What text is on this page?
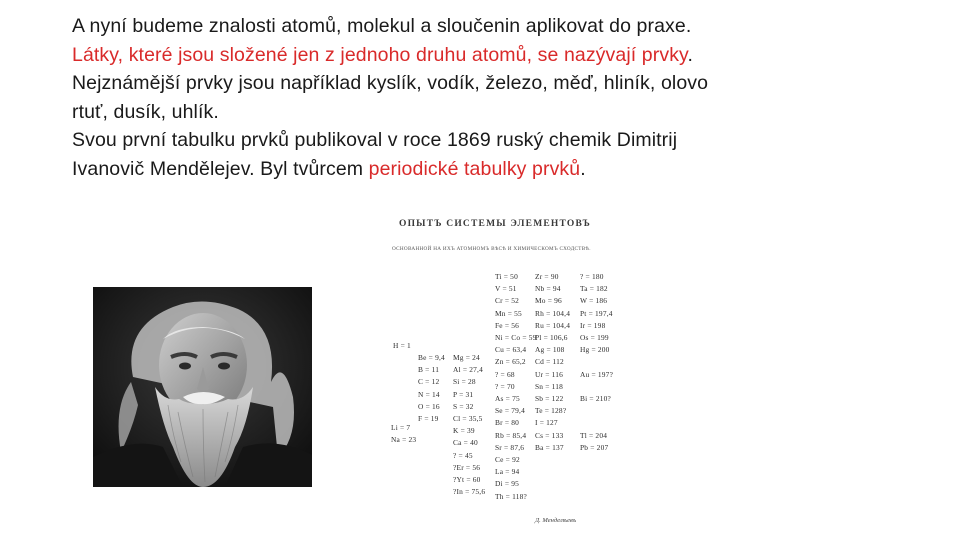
A nyní budeme znalosti atomů, molekul a sloučenin aplikovat do praxe.
Látky, které jsou složené jen z jednoho druhu atomů, se nazývají prvky.
Nejznámější prvky jsou například kyslík, vodík, železo, měď, hliník, olovo
rtuť, dusík, uhlík.
Svou první tabulku prvků publikoval v roce 1869 ruský chemik Dimitrij
Ivanovič Mendělejev. Byl tvůrcem periodické tabulky prvků.
ОПЫТЪ СИСТЕМЫ ЭЛЕМЕНТОВЪ
ОСНОВАННОЙ НА ИХЪ АТОМНОМЪ ВѢСѢ И ХИМИЧЕСКОМЪ СХОДСТВѢ.
H = 1
Li = 7
Na = 23
Be = 9,4
B = 11
C = 12
N = 14
O = 16
F = 19
Mg = 24
Al = 27,4
Si = 28
P = 31
S = 32
Cl = 35,5
K = 39
Ca = 40
? = 45
?Er = 56
?Yt = 60
?In = 75,6
Ti = 50
V = 51
Cr = 52
Mn = 55
Fe = 56
Ni = Co = 59
Cu = 63,4
Zn = 65,2
? = 68
? = 70
As = 75
Se = 79,4
Br = 80
Rb = 85,4
Sr = 87,6
Ce = 92
La = 94
Di = 95
Th = 118?
Zr = 90
Nb = 94
Mo = 96
Rh = 104,4
Ru = 104,4
Pl = 106,6
Ag = 108
Cd = 112
Ur = 116
Sn = 118
Sb = 122
Te = 128?
I = 127
Cs = 133
Ba = 137
? = 180
Ta = 182
W = 186
Pt = 197,4
Ir = 198
Os = 199
Hg = 200
Au = 197?
Bi = 210?
Tl = 204
Pb = 207
Д. Менделѣевъ
